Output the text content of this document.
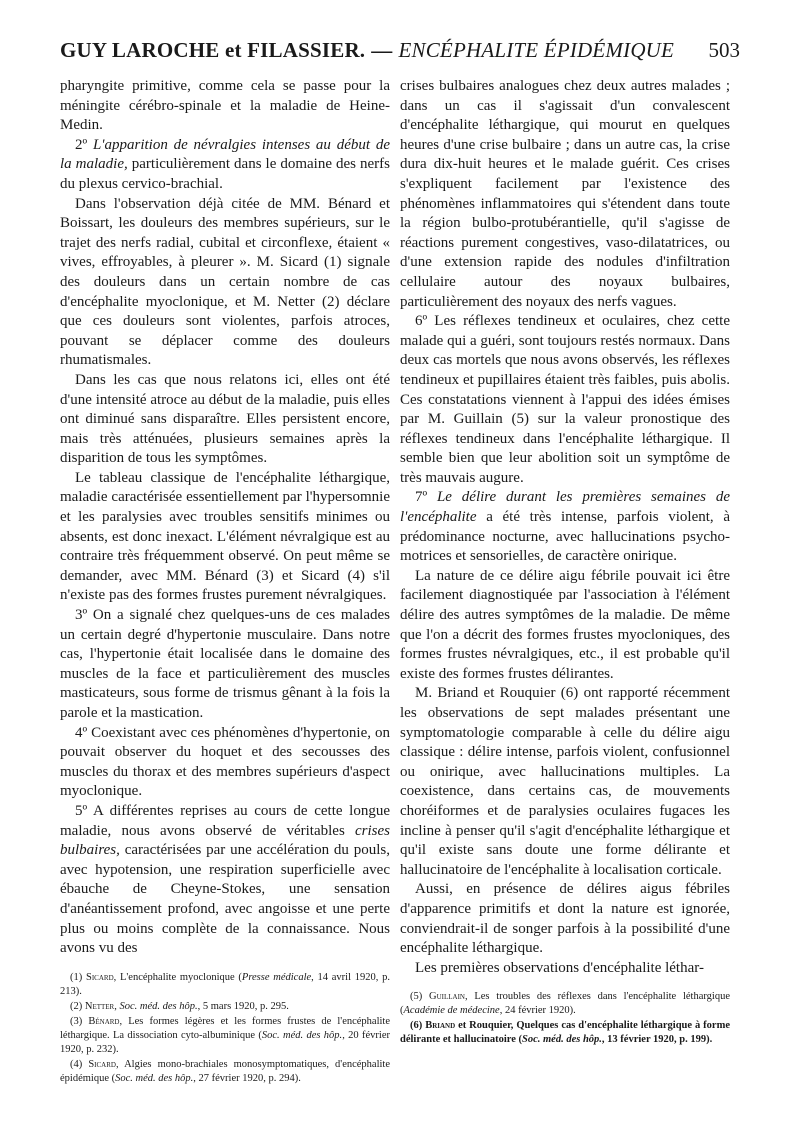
GUY LAROCHE et FILASSIER. — ENCÉPHALITE ÉPIDÉMIQUE 503

pharyngite primitive, comme cela se passe pour la méningite cérébro-spinale et la maladie de Heine-Medin.

2º L'apparition de névralgies intenses au début de la maladie, particulièrement dans le domaine des nerfs du plexus cervico-brachial.

Dans l'observation déjà citée de MM. Bénard et Boissart, les douleurs des membres supérieurs, sur le trajet des nerfs radial, cubital et circonflexe, étaient « vives, effroyables, à pleurer ». M. Sicard (1) signale des douleurs dans un certain nombre de cas d'encéphalite myoclonique, et M. Netter (2) déclare que ces douleurs sont violentes, parfois atroces, pouvant se déplacer comme des douleurs rhumatismales.

Dans les cas que nous relatons ici, elles ont été d'une intensité atroce au début de la maladie, puis elles ont diminué sans disparaître. Elles persistent encore, mais très atténuées, plusieurs semaines après la disparition de tous les symptômes.

Le tableau classique de l'encéphalite léthargique, maladie caractérisée essentiellement par l'hypersomnie et les paralysies avec troubles sensitifs minimes ou absents, est donc inexact. L'élément névralgique est au contraire très fréquemment observé. On peut même se demander, avec MM. Bénard (3) et Sicard (4) s'il n'existe pas des formes frustes purement névralgiques.

3º On a signalé chez quelques-uns de ces malades un certain degré d'hypertonie musculaire. Dans notre cas, l'hypertonie était localisée dans le domaine des muscles de la face et particulièrement des muscles masticateurs, sous forme de trismus gênant à la fois la parole et la mastication.

4º Coexistant avec ces phénomènes d'hypertonie, on pouvait observer du hoquet et des secousses des muscles du thorax et des membres supérieurs d'aspect myoclonique.

5º A différentes reprises au cours de cette longue maladie, nous avons observé de véritables crises bulbaires, caractérisées par une accélération du pouls, avec hypotension, une respiration superficielle avec ébauche de Cheyne-Stokes, une sensation d'anéantissement profond, avec angoisse et une perte plus ou moins complète de la connaissance. Nous avons vu des

(1) Sicard, L'encéphalite myoclonique (Presse médicale, 14 avril 1920, p. 213).

(2) Netter, Soc. méd. des hôp., 5 mars 1920, p. 295.

(3) Bénard, Les formes légères et les formes frustes de l'encéphalite léthargique. La dissociation cyto-albuminique (Soc. méd. des hôp., 20 février 1920, p. 232).

(4) Sicard, Algies mono-brachiales monosymptomatiques, d'encéphalite épidémique (Soc. méd. des hôp., 27 février 1920, p. 294).

crises bulbaires analogues chez deux autres malades ; dans un cas il s'agissait d'un convalescent d'encéphalite léthargique, qui mourut en quelques heures d'une crise bulbaire ; dans un autre cas, la crise dura dix-huit heures et le malade guérit. Ces crises s'expliquent facilement par l'existence des phénomènes inflammatoires qui s'étendent dans toute la région bulbo-protubérantielle, qu'il s'agisse de réactions purement congestives, vaso-dilatatrices, ou d'une extension rapide des nodules d'infiltration cellulaire autour des noyaux bulbaires, particulièrement des noyaux des nerfs vagues.

6º Les réflexes tendineux et oculaires, chez cette malade qui a guéri, sont toujours restés normaux. Dans deux cas mortels que nous avons observés, les réflexes tendineux et pupillaires étaient très faibles, puis abolis. Ces constatations viennent à l'appui des idées émises par M. Guillain (5) sur la valeur pronostique des réflexes tendineux dans l'encéphalite léthargique. Il semble bien que leur abolition soit un symptôme de très mauvais augure.

7º Le délire durant les premières semaines de l'encéphalite a été très intense, parfois violent, à prédominance nocturne, avec hallucinations psycho-motrices et sensorielles, de caractère onirique.

La nature de ce délire aigu fébrile pouvait ici être facilement diagnostiquée par l'association à l'élément délire des autres symptômes de la maladie. De même que l'on a décrit des formes frustes myocloniques, des formes frustes névralgiques, etc., il est probable qu'il existe des formes frustes délirantes.

M. Briand et Rouquier (6) ont rapporté récemment les observations de sept malades présentant une symptomatologie comparable à celle du délire aigu classique : délire intense, parfois violent, confusionnel ou onirique, avec hallucinations multiples. La coexistence, dans certains cas, de mouvements choréiformes et de paralysies oculaires fugaces les incline à penser qu'il s'agit d'encéphalite léthargique et qu'il existe sans doute une forme délirante et hallucinatoire de l'encéphalite à localisation corticale.

Aussi, en présence de délires aigus fébriles d'apparence primitifs et dont la nature est ignorée, conviendrait-il de songer parfois à la possibilité d'une encéphalite léthargique.

Les premières observations d'encéphalite léthar-

(5) Guillain, Les troubles des réflexes dans l'encéphalite léthargique (Académie de médecine, 24 février 1920).

(6) Briand et Rouquier, Quelques cas d'encéphalite léthargique à forme délirante et hallucinatoire (Soc. méd. des hôp., 13 février 1920, p. 199).
